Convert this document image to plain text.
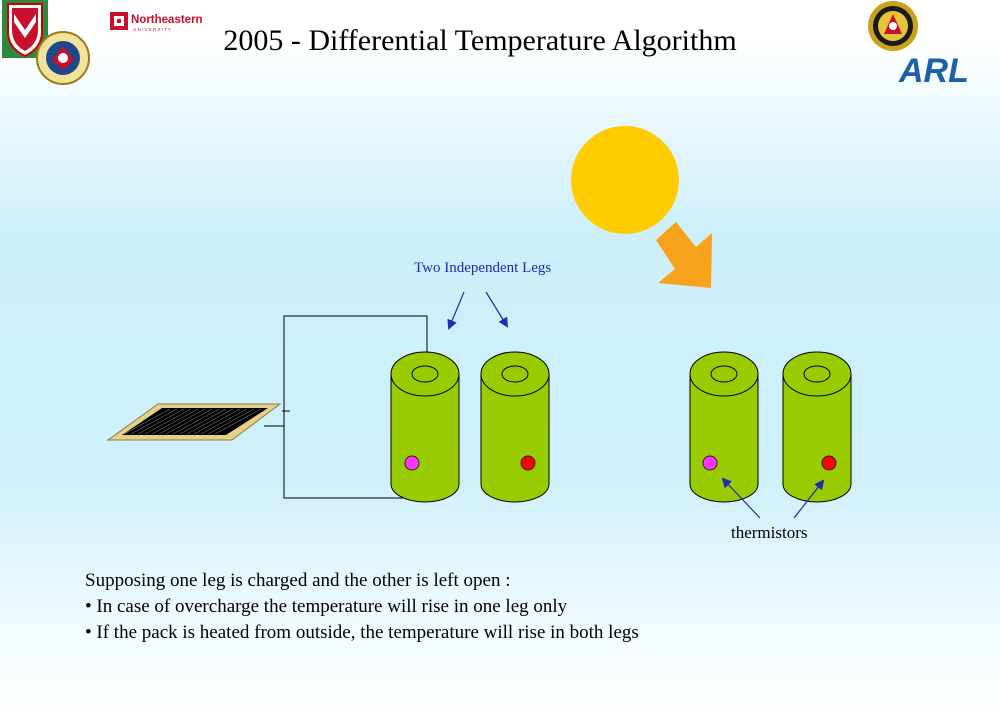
Northeastern
U N I V E R S I T Y
ARL
2005 - Differential Temperature Algorithm
Two Independent Legs
thermistors
Supposing one leg is charged and the other is left open :
• In case of overcharge the temperature will rise in one leg only
• If the pack is heated from outside, the temperature will rise in both legs
